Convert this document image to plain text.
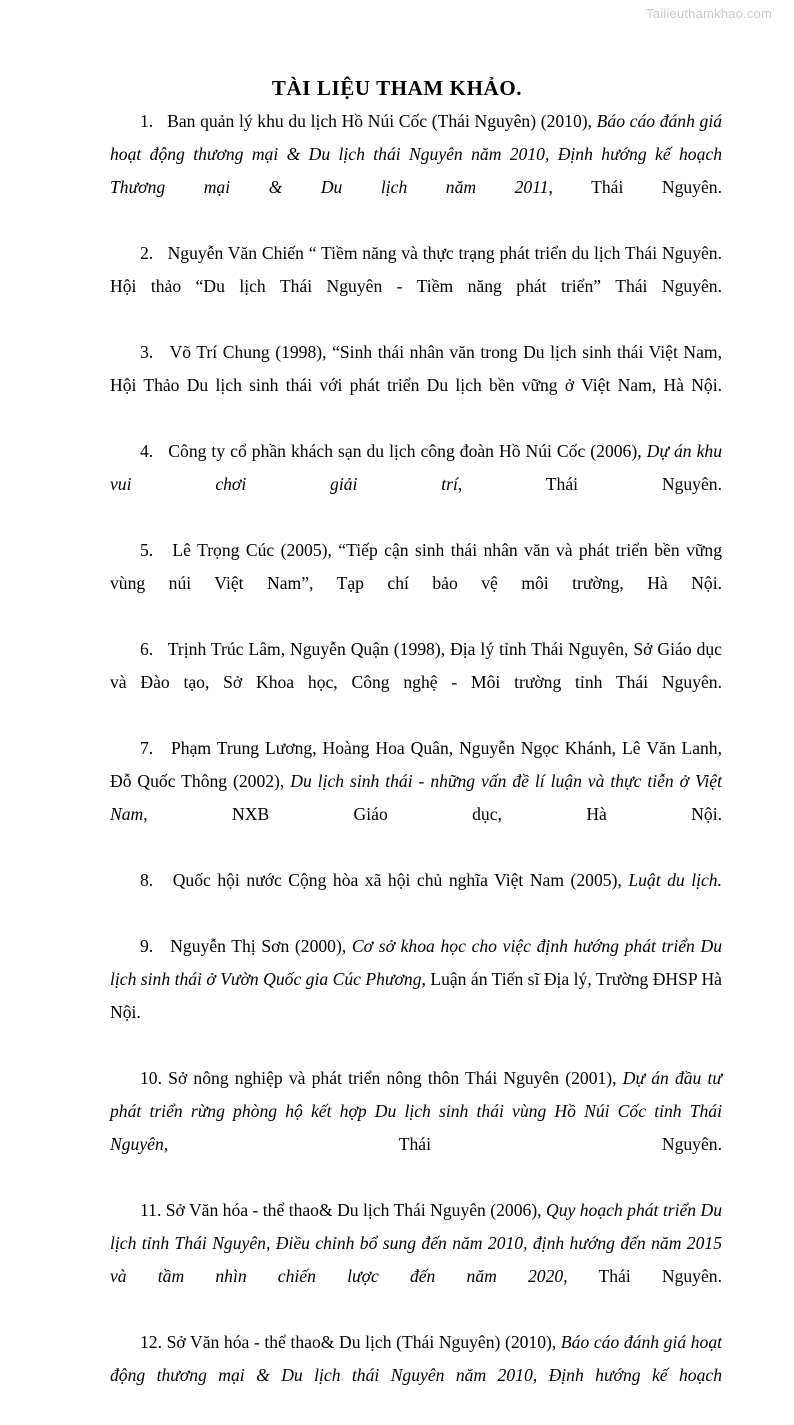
Tailieuthamkhao.com
TÀI LIỆU THAM KHẢO.

1.   Ban quản lý khu du lịch Hồ Núi Cốc (Thái Nguyên) (2010), Báo cáo đánh giá hoạt động thương mại & Du lịch thái Nguyên năm 2010, Định hướng kế hoạch Thương mại & Du lịch năm 2011, Thái Nguyên.

2.   Nguyễn Văn Chiến “ Tiềm năng và thực trạng phát triển du lịch Thái Nguyên. Hội thảo “Du lịch Thái Nguyên - Tiềm năng phát triển” Thái Nguyên.

3.   Võ Trí Chung (1998), “Sinh thái nhân văn trong Du lịch sinh thái Việt Nam, Hội Thảo Du lịch sinh thái với phát triển Du lịch bền vững ở Việt Nam, Hà Nội.

4.   Công ty cổ phần khách sạn du lịch công đoàn Hồ Núi Cốc (2006), Dự án khu vui chơi giải trí, Thái Nguyên.

5.   Lê Trọng Cúc (2005), “Tiếp cận sinh thái nhân văn và phát triển bền vững vùng núi Việt Nam”, Tạp chí bảo vệ môi trường, Hà Nội.

6.   Trịnh Trúc Lâm, Nguyễn Quận (1998), Địa lý tỉnh Thái Nguyên, Sở Giáo dục và Đào tạo, Sở Khoa học, Công nghệ - Môi trường tỉnh Thái Nguyên.

7.   Phạm Trung Lương, Hoàng Hoa Quân, Nguyễn Ngọc Khánh, Lê Văn Lanh, Đỗ Quốc Thông (2002), Du lịch sinh thái - những vấn đề lí luận và thực tiễn ở Việt Nam, NXB Giáo dục, Hà Nội.

8.   Quốc hội nước Cộng hòa xã hội chủ nghĩa Việt Nam (2005), Luật du lịch.

9.   Nguyễn Thị Sơn (2000), Cơ sở khoa học cho việc định hướng phát triển Du lịch sinh thái ở Vườn Quốc gia Cúc Phương, Luận án Tiến sĩ Địa lý, Trường ĐHSP Hà Nội.

10. Sở nông nghiệp và phát triển nông thôn Thái Nguyên (2001), Dự án đầu tư phát triển rừng phòng hộ kết hợp Du lịch sinh thái vùng Hồ Núi Cốc tỉnh Thái Nguyên, Thái Nguyên.

11. Sở Văn hóa - thể thao& Du lịch Thái Nguyên (2006), Quy hoạch phát triển Du lịch tỉnh Thái Nguyên, Điều chỉnh bổ sung đến năm 2010, định hướng đến năm 2015 và tầm nhìn chiến lược đến năm 2020, Thái Nguyên.

12. Sở Văn hóa - thể thao& Du lịch (Thái Nguyên) (2010), Báo cáo đánh giá hoạt động thương mại & Du lịch thái Nguyên năm 2010, Định hướng kế hoạch
